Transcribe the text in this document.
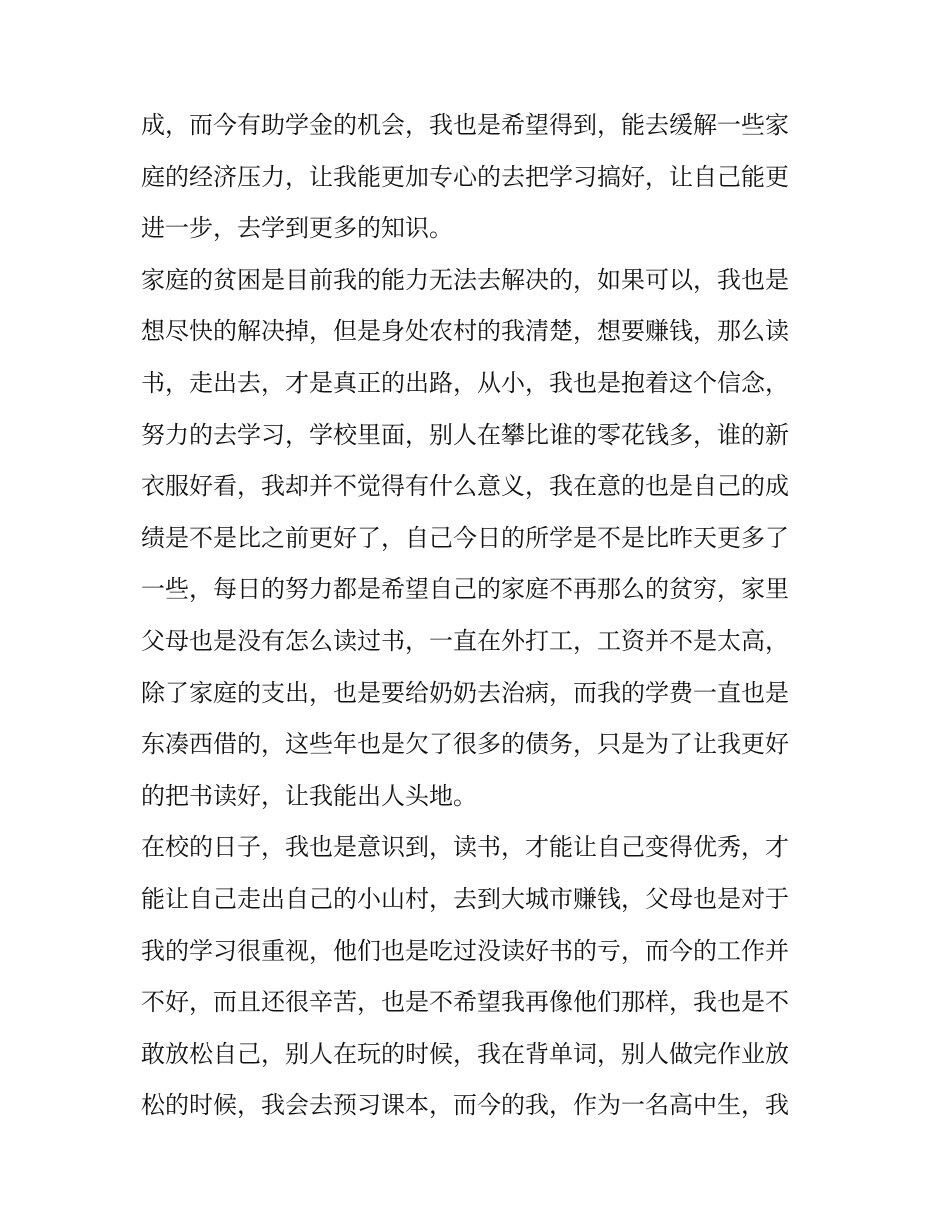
成，而今有助学金的机会，我也是希望得到，能去缓解一些家
庭的经济压力，让我能更加专心的去把学习搞好，让自己能更
进一步，去学到更多的知识。
家庭的贫困是目前我的能力无法去解决的，如果可以，我也是
想尽快的解决掉，但是身处农村的我清楚，想要赚钱，那么读
书，走出去，才是真正的出路，从小，我也是抱着这个信念，
努力的去学习，学校里面，别人在攀比谁的零花钱多，谁的新
衣服好看，我却并不觉得有什么意义，我在意的也是自己的成
绩是不是比之前更好了，自己今日的所学是不是比昨天更多了
一些，每日的努力都是希望自己的家庭不再那么的贫穷，家里
父母也是没有怎么读过书，一直在外打工，工资并不是太高，
除了家庭的支出，也是要给奶奶去治病，而我的学费一直也是
东凑西借的，这些年也是欠了很多的债务，只是为了让我更好
的把书读好，让我能出人头地。
在校的日子，我也是意识到，读书，才能让自己变得优秀，才
能让自己走出自己的小山村，去到大城市赚钱，父母也是对于
我的学习很重视，他们也是吃过没读好书的亏，而今的工作并
不好，而且还很辛苦，也是不希望我再像他们那样，我也是不
敢放松自己，别人在玩的时候，我在背单词，别人做完作业放
松的时候，我会去预习课本，而今的我，作为一名高中生，我
